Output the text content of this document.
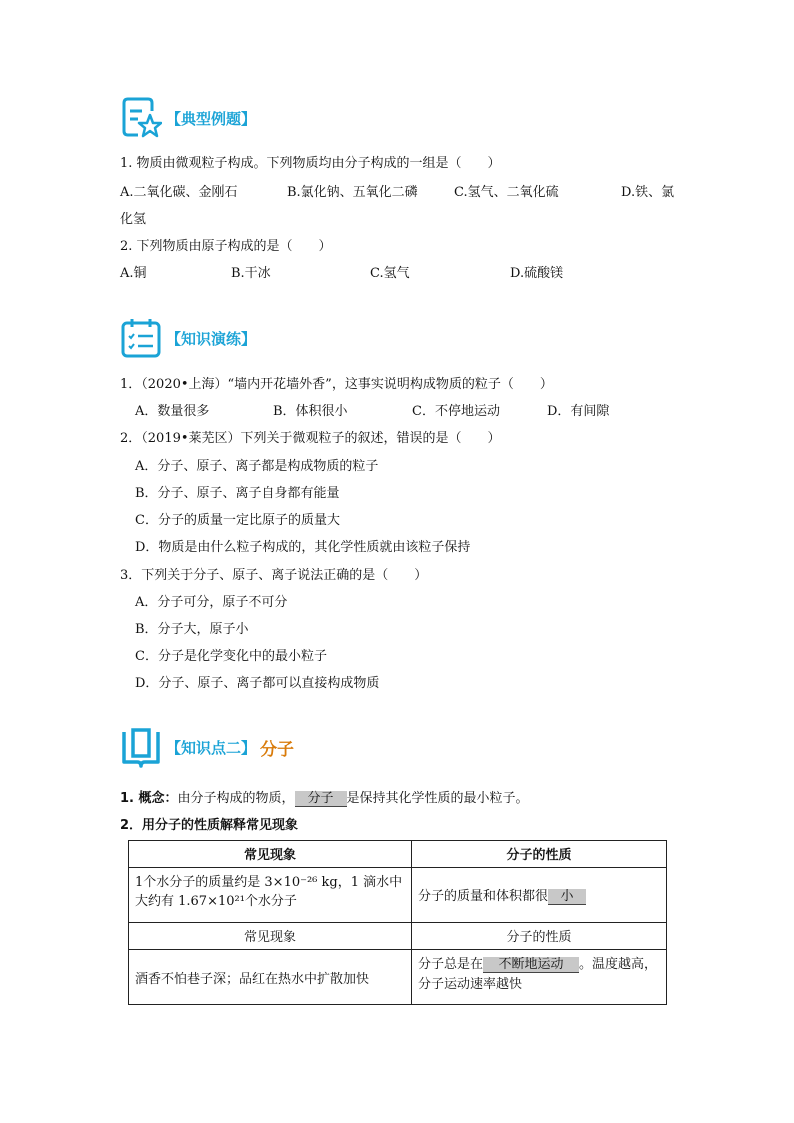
【典型例题】
1. 物质由微观粒子构成。下列物质均由分子构成的一组是（　　）
A.二氧化碳、金刚石	B.氯化钠、五氧化二磷	C.氢气、二氧化硫	D.铁、氯
化氢
2. 下列物质由原子构成的是（　　）
A.铜	B.干冰	C.氢气	D.硫酸镁
【知识演练】
1．（2020•上海）“墙内开花墙外香”，这事实说明构成物质的粒子（　　）
A．数量很多	B．体积很小	C．不停地运动	D．有间隙
2．（2019•莱芜区）下列关于微观粒子的叙述，错误的是（　　）
A．分子、原子、离子都是构成物质的粒子
B．分子、原子、离子自身都有能量
C．分子的质量一定比原子的质量大
D．物质是由什么粒子构成的，其化学性质就由该粒子保持
3．下列关于分子、原子、离子说法正确的是（　　）
A．分子可分，原子不可分
B．分子大，原子小
C．分子是化学变化中的最小粒子
D．分子、原子、离子都可以直接构成物质
【知识点二】 分子
1. 概念：由分子构成的物质， 分子 是保持其化学性质的最小粒子。
2．用分子的性质解释常见现象
常见现象	分子的性质

1个水分子的质量约是 3×10⁻²⁶ kg，1 滴水中
大约有 1.67×10²¹个水分子	分子的质量和体积都很 小
常见现象	分子的性质
酒香不怕巷子深；品红在热水中扩散加快	分子总是在 不断地运动 。温度越高，
分子运动速率越快
